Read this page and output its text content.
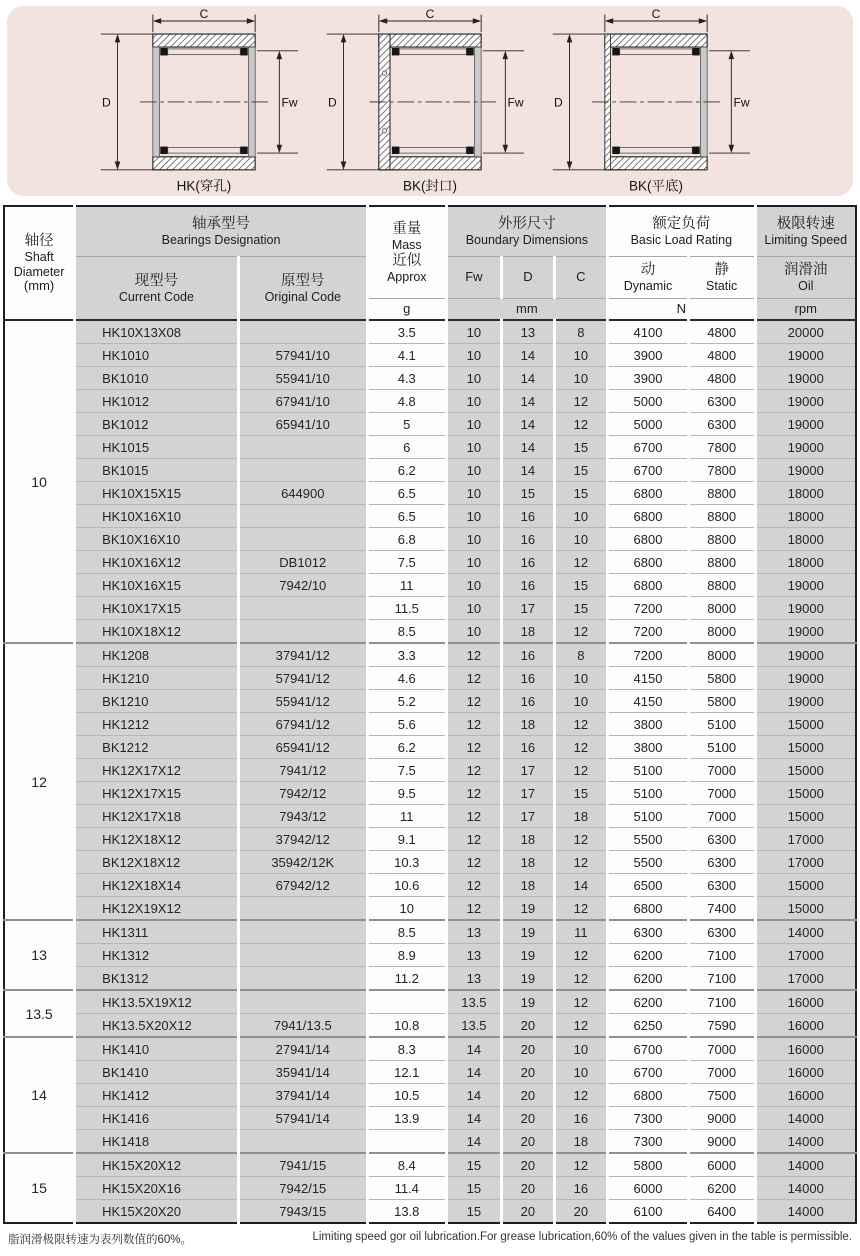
C
D	Fw
HK(穿孔)
C
D	Fw
BK(封口)
C
D	Fw
BK(平底)
轴径
Shaft Diameter
(mm)	轴承型号
Bearings Designation		重量
Mass
近似
Approx	外形尺寸
Boundary Dimensions			额定负荷
Basic Load Rating		极限转速
Limiting Speed

	现型号
Current Code	原型号
Original Code		Fw	D	C	动
Dynamic	静
Static	润滑油
Oil

			g	mm			N		rpm
10	HK10X13X08		3.5	10	13	8	4100	4800	20000
	HK1010	57941/10	4.1	10	14	10	3900	4800	19000
	BK1010	55941/10	4.3	10	14	10	3900	4800	19000
	HK1012	67941/10	4.8	10	14	12	5000	6300	19000
	BK1012	65941/10	5	10	14	12	5000	6300	19000
	HK1015		6	10	14	15	6700	7800	19000
	BK1015		6.2	10	14	15	6700	7800	19000
	HK10X15X15	644900	6.5	10	15	15	6800	8800	18000
	HK10X16X10		6.5	10	16	10	6800	8800	18000
	BK10X16X10		6.8	10	16	10	6800	8800	18000
	HK10X16X12	DB1012	7.5	10	16	12	6800	8800	18000
	HK10X16X15	7942/10	11	10	16	15	6800	8800	19000
	HK10X17X15		11.5	10	17	15	7200	8000	19000
	HK10X18X12		8.5	10	18	12	7200	8000	19000
12	HK1208	37941/12	3.3	12	16	8	7200	8000	19000
	HK1210	57941/12	4.6	12	16	10	4150	5800	19000
	BK1210	55941/12	5.2	12	16	10	4150	5800	19000
	HK1212	67941/12	5.6	12	18	12	3800	5100	15000
	BK1212	65941/12	6.2	12	16	12	3800	5100	15000
	HK12X17X12	7941/12	7.5	12	17	12	5100	7000	15000
	HK12X17X15	7942/12	9.5	12	17	15	5100	7000	15000
	HK12X17X18	7943/12	11	12	17	18	5100	7000	15000
	HK12X18X12	37942/12	9.1	12	18	12	5500	6300	17000
	BK12X18X12	35942/12K	10.3	12	18	12	5500	6300	17000
	HK12X18X14	67942/12	10.6	12	18	14	6500	6300	15000
	HK12X19X12		10	12	19	12	6800	7400	15000
13	HK1311		8.5	13	19	11	6300	6300	14000
	HK1312		8.9	13	19	12	6200	7100	17000
	BK1312		11.2	13	19	12	6200	7100	17000
13.5	HK13.5X19X12			13.5	19	12	6200	7100	16000
	HK13.5X20X12	7941/13.5	10.8	13.5	20	12	6250	7590	16000
14	HK1410	27941/14	8.3	14	20	10	6700	7000	16000
	BK1410	35941/14	12.1	14	20	10	6700	7000	16000
	HK1412	37941/14	10.5	14	20	12	6800	7500	16000
	HK1416	57941/14	13.9	14	20	16	7300	9000	14000
	HK1418			14	20	18	7300	9000	14000
15	HK15X20X12	7941/15	8.4	15	20	12	5800	6000	14000
	HK15X20X16	7942/15	11.4	15	20	16	6000	6200	14000
	HK15X20X20	7943/15	13.8	15	20	20	6100	6400	14000
脂润滑极限转速为表列数值的60%。	Limiting speed gor oil lubrication.For grease lubrication,60% of the values given in the table is permissible.
